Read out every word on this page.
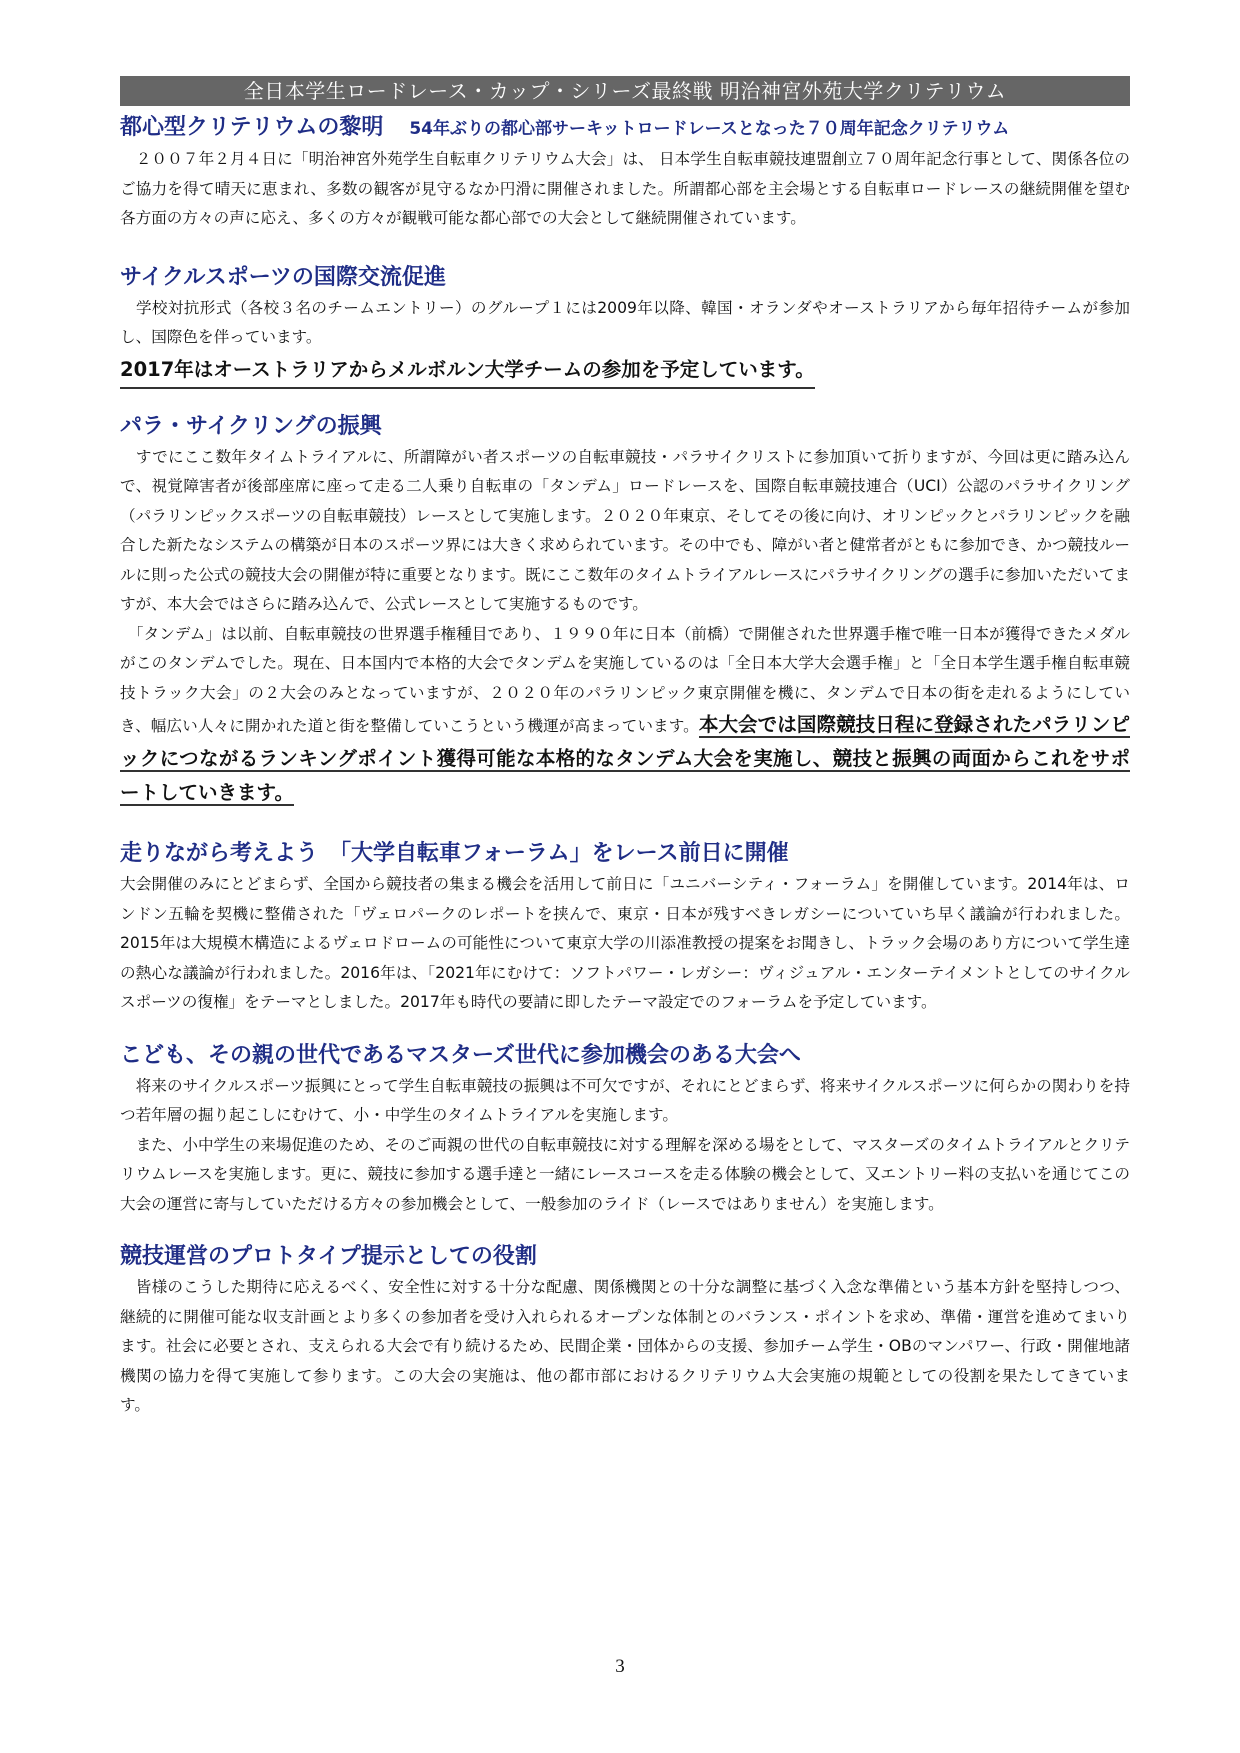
全日本学生ロードレース・カップ・シリーズ最終戦 明治神宮外苑大学クリテリウム
都心型クリテリウムの黎明 54年ぶりの都心部サーキットロードレースとなった７０周年記念クリテリウム

　２００７年２月４日に「明治神宮外苑学生自転車クリテリウム大会」は、 日本学生自転車競技連盟創立７０周年記念行事として、関係各位のご協力を得て晴天に恵まれ、多数の観客が見守るなか円滑に開催されました。所謂都心部を主会場とする自転車ロードレースの継続開催を望む各方面の方々の声に応え、多くの方々が観戦可能な都心部での大会として継続開催されています。

サイクルスポーツの国際交流促進

　学校対抗形式（各校３名のチームエントリー）のグループ１には2009年以降、韓国・オランダやオーストラリアから毎年招待チームが参加し、国際色を伴っています。

2017年はオーストラリアからメルボルン大学チームの参加を予定しています。
パラ・サイクリングの振興

　すでにここ数年タイムトライアルに、所謂障がい者スポーツの自転車競技・パラサイクリストに参加頂いて折りますが、今回は更に踏み込んで、視覚障害者が後部座席に座って走る二人乗り自転車の「タンデム」ロードレースを、国際自転車競技連合（UCI）公認のパラサイクリング（パラリンピックスポーツの自転車競技）レースとして実施します。２０２０年東京、そしてその後に向け、オリンピックとパラリンピックを融合した新たなシステムの構築が日本のスポーツ界には大きく求められています。その中でも、障がい者と健常者がともに参加でき、かつ競技ルールに則った公式の競技大会の開催が特に重要となります。既にここ数年のタイムトライアルレースにパラサイクリングの選手に参加いただいてますが、本大会ではさらに踏み込んで、公式レースとして実施するものです。

　「タンデム」は以前、自転車競技の世界選手権種目であり、１９９０年に日本（前橋）で開催された世界選手権で唯一日本が獲得できたメダルがこのタンデムでした。現在、日本国内で本格的大会でタンデムを実施しているのは「全日本大学大会選手権」と「全日本学生選手権自転車競技トラック大会」の２大会のみとなっていますが、２０２０年のパラリンピック東京開催を機に、タンデムで日本の街を走れるようにしていき、幅広い人々に開かれた道と街を整備していこうという機運が高まっています。本大会では国際競技日程に登録されたパラリンピックにつながるランキングポイント獲得可能な本格的なタンデム大会を実施し、競技と振興の両面からこれをサポートしていきます。

走りながら考えよう　「大学自転車フォーラム」をレース前日に開催

大会開催のみにとどまらず、全国から競技者の集まる機会を活用して前日に「ユニバーシティ・フォーラム」を開催しています。2014年は、ロンドン五輪を契機に整備された「ヴェロパークのレポートを挟んで、東京・日本が残すべきレガシーについていち早く議論が行われました。2015年は大規模木構造によるヴェロドロームの可能性について東京大学の川添准教授の提案をお聞きし、トラック会場のあり方について学生達の熱心な議論が行われました。2016年は、「2021年にむけて：ソフトパワー・レガシー：ヴィジュアル・エンターテイメントとしてのサイクルスポーツの復権」をテーマとしました。2017年も時代の要請に即したテーマ設定でのフォーラムを予定しています。

こども、その親の世代であるマスターズ世代に参加機会のある大会へ

　将来のサイクルスポーツ振興にとって学生自転車競技の振興は不可欠ですが、それにとどまらず、将来サイクルスポーツに何らかの関わりを持つ若年層の掘り起こしにむけて、小・中学生のタイムトライアルを実施します。

　また、小中学生の来場促進のため、そのご両親の世代の自転車競技に対する理解を深める場をとして、マスターズのタイムトライアルとクリテリウムレースを実施します。更に、競技に参加する選手達と一緒にレースコースを走る体験の機会として、又エントリー料の支払いを通じてこの大会の運営に寄与していただける方々の参加機会として、一般参加のライド（レースではありません）を実施します。

競技運営のプロトタイプ提示としての役割

　皆様のこうした期待に応えるべく、安全性に対する十分な配慮、関係機関との十分な調整に基づく入念な準備という基本方針を堅持しつつ、継続的に開催可能な収支計画とより多くの参加者を受け入れられるオープンな体制とのバランス・ポイントを求め、準備・運営を進めてまいります。社会に必要とされ、支えられる大会で有り続けるため、民間企業・団体からの支援、参加チーム学生・OBのマンパワー、行政・開催地諸機関の協力を得て実施して参ります。この大会の実施は、他の都市部におけるクリテリウム大会実施の規範としての役割を果たしてきています。

3
